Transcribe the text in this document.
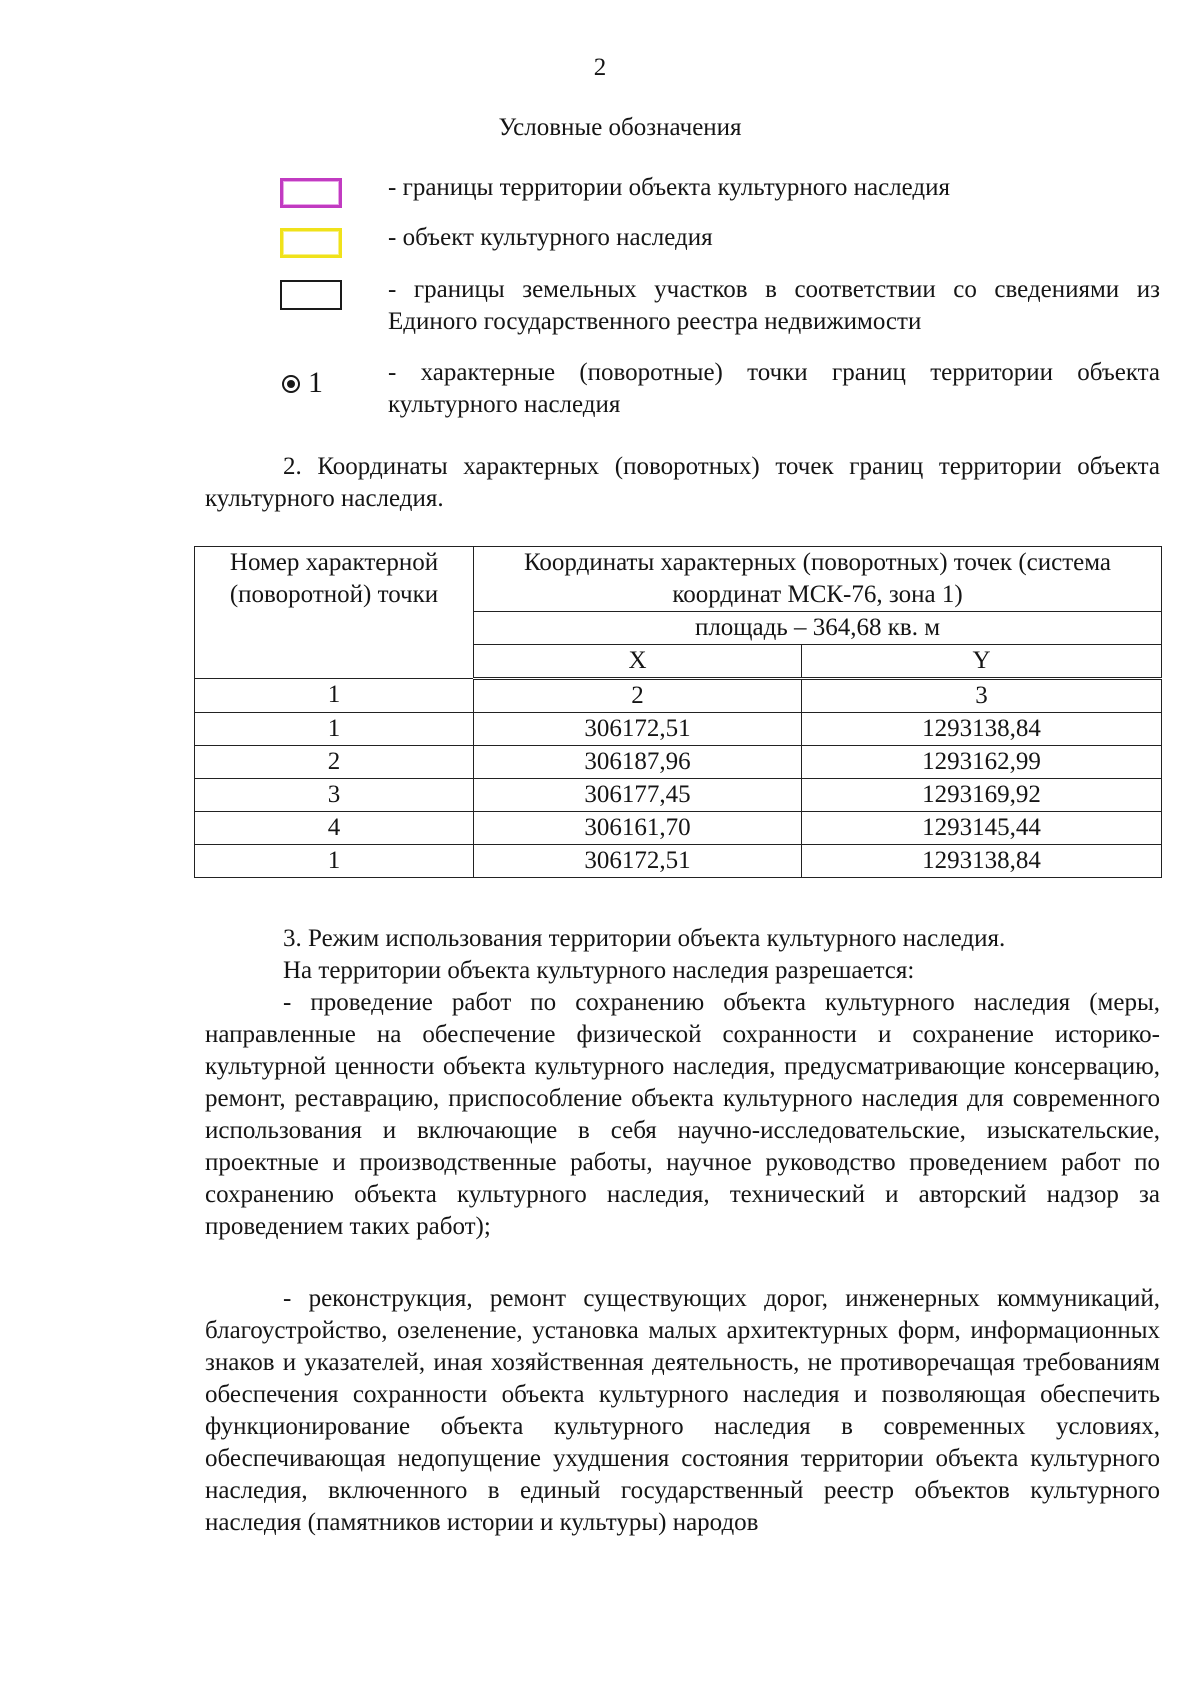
2
Условные обозначения
- границы территории объекта культурного наследия
- объект культурного наследия
- границы земельных участков в соответствии со сведениями из Единого государственного реестра недвижимости
1	- характерные (поворотные) точки границ территории объекта культурного наследия
2. Координаты характерных (поворотных) точек границ территории объекта культурного наследия.
Номер характерной (поворотной) точки	Координаты характерных (поворотных) точек (система координат МСК-76, зона 1)	
	площадь – 364,68 кв. м	
	X	Y
1	2	3
1	306172,51	1293138,84
2	306187,96	1293162,99
3	306177,45	1293169,92
4	306161,70	1293145,44
1	306172,51	1293138,84
3. Режим использования территории объекта культурного наследия.
На территории объекта культурного наследия разрешается:
- проведение работ по сохранению объекта культурного наследия (меры, направленные на обеспечение физической сохранности и сохранение историко-культурной ценности объекта культурного наследия, предусматривающие консервацию, ремонт, реставрацию, приспособление объекта культурного наследия для современного использования и включающие в себя научно-исследовательские, изыскательские, проектные и производственные работы, научное руководство проведением работ по сохранению объекта культурного наследия, технический и авторский надзор за проведением таких работ);
- реконструкция, ремонт существующих дорог, инженерных коммуникаций, благоустройство, озеленение, установка малых архитектурных форм, информационных знаков и указателей, иная хозяйственная деятельность, не противоречащая требованиям обеспечения сохранности объекта культурного наследия и позволяющая обеспечить функционирование объекта культурного наследия в современных условиях, обеспечивающая недопущение ухудшения состояния территории объекта культурного наследия, включенного в единый государственный реестр объектов культурного наследия (памятников истории и культуры) народов
